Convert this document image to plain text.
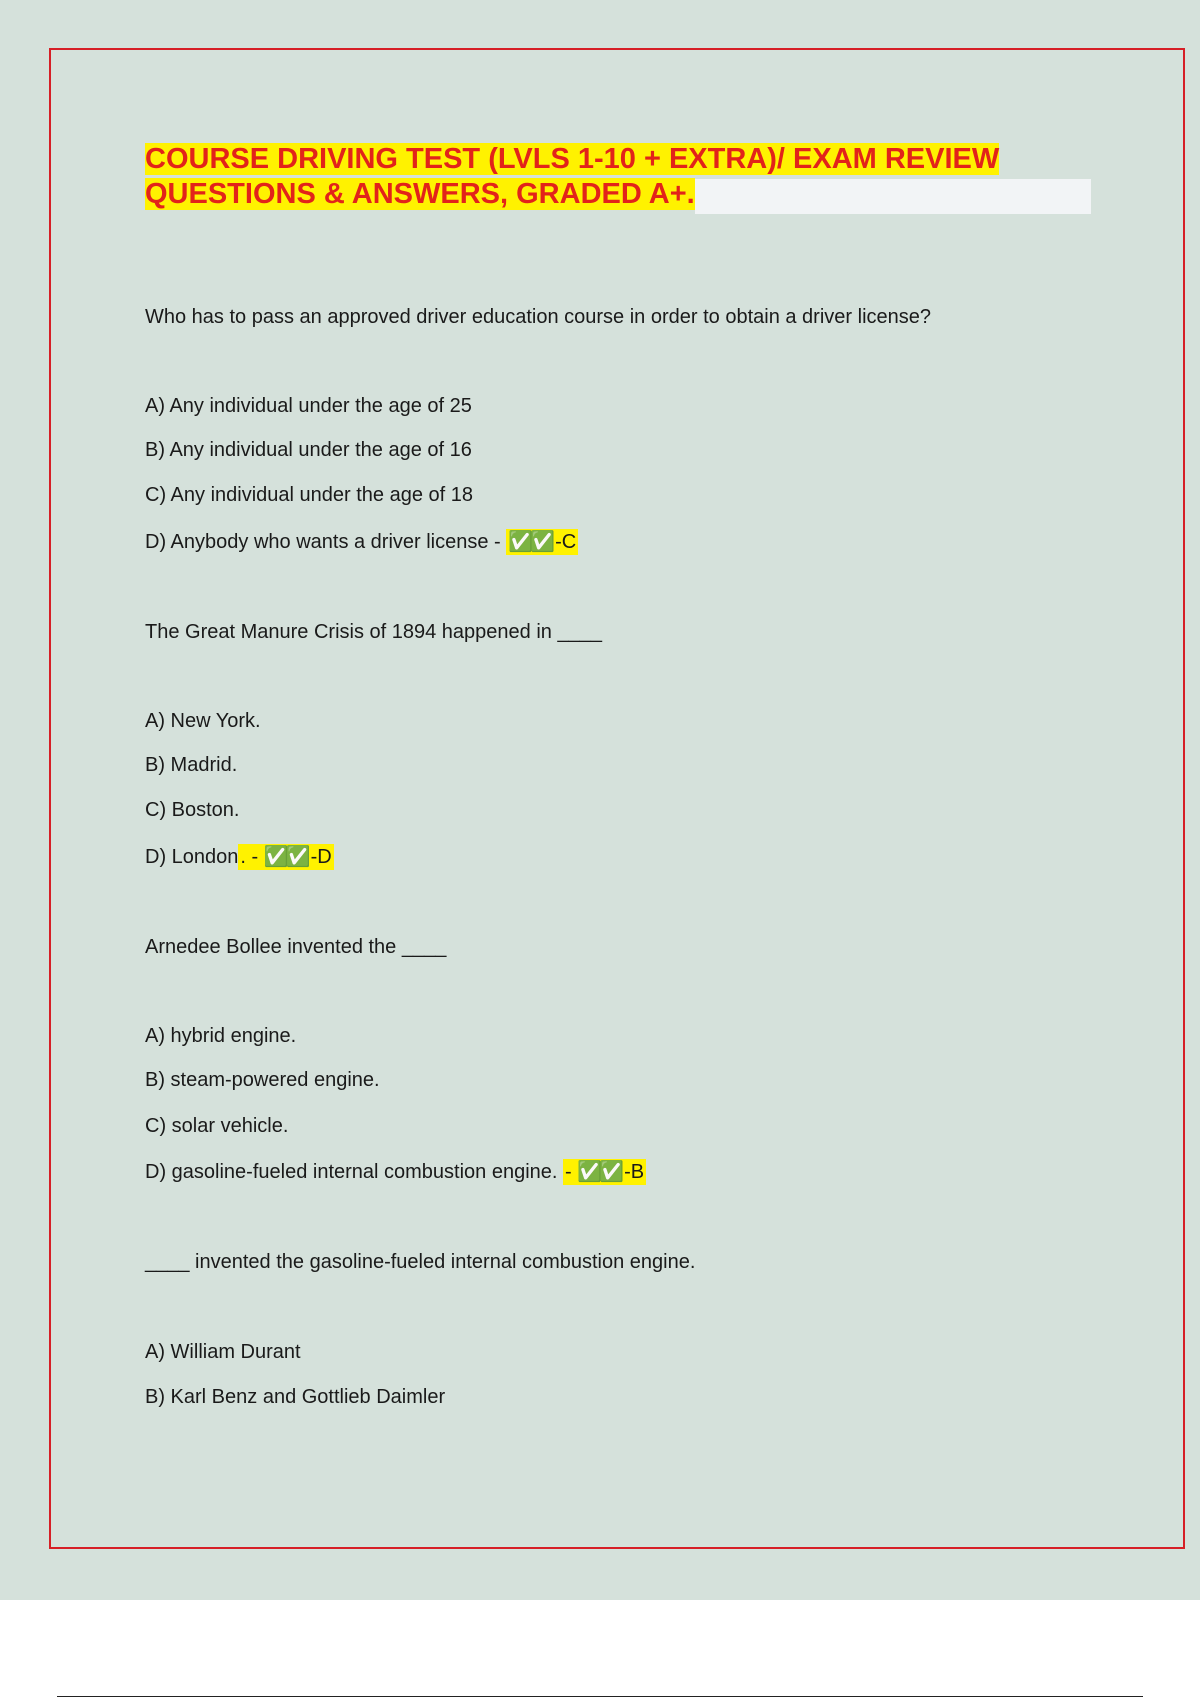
COURSE DRIVING TEST (LVLS 1-10 + EXTRA)/ EXAM REVIEW
QUESTIONS & ANSWERS, GRADED A+.

Who has to pass an approved driver education course in order to obtain a driver license?
A) Any individual under the age of 25
B) Any individual under the age of 16
C) Any individual under the age of 18
D) Anybody who wants a driver license - ✅✅ -C
The Great Manure Crisis of 1894 happened in ____
A) New York.
B) Madrid.
C) Boston.
D) London . - ✅✅ -D
Arnedee Bollee invented the ____
A) hybrid engine.
B) steam-powered engine.
C) solar vehicle.
D) gasoline-fueled internal combustion engine. - ✅✅ -B
____ invented the gasoline-fueled internal combustion engine.
A) William Durant
B) Karl Benz and Gottlieb Daimler
